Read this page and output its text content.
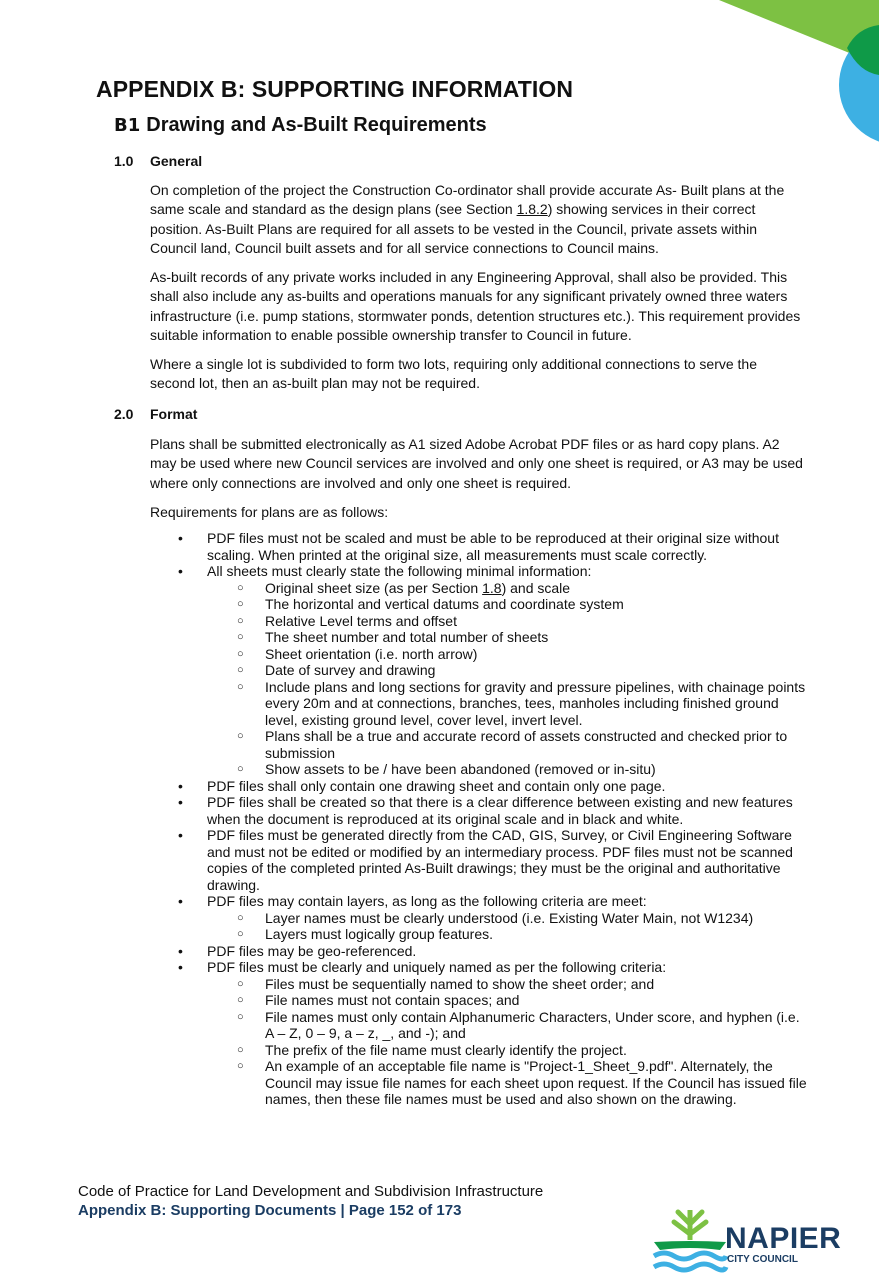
APPENDIX B: SUPPORTING INFORMATION
B1 Drawing and As-Built Requirements
1.0 General

On completion of the project the Construction Co-ordinator shall provide accurate As- Built plans at the same scale and standard as the design plans (see Section 1.8.2) showing services in their correct position. As-Built Plans are required for all assets to be vested in the Council, private assets within Council land, Council built assets and for all service connections to Council mains.

As-built records of any private works included in any Engineering Approval, shall also be provided. This shall also include any as-builts and operations manuals for any significant privately owned three waters infrastructure (i.e. pump stations, stormwater ponds, detention structures etc.). This requirement provides suitable information to enable possible ownership transfer to Council in future.

Where a single lot is subdivided to form two lots, requiring only additional connections to serve the second lot, then an as-built plan may not be required.

2.0 Format

Plans shall be submitted electronically as A1 sized Adobe Acrobat PDF files or as hard copy plans. A2 may be used where new Council services are involved and only one sheet is required, or A3 may be used where only connections are involved and only one sheet is required.

Requirements for plans are as follows:

• PDF files must not be scaled and must be able to be reproduced at their original size without scaling. When printed at the original size, all measurements must scale correctly.
• All sheets must clearly state the following minimal information:
○ Original sheet size (as per Section 1.8) and scale
○ The horizontal and vertical datums and coordinate system
○ Relative Level terms and offset
○ The sheet number and total number of sheets
○ Sheet orientation (i.e. north arrow)
○ Date of survey and drawing
○ Include plans and long sections for gravity and pressure pipelines, with chainage points every 20m and at connections, branches, tees, manholes including finished ground level, existing ground level, cover level, invert level.
○ Plans shall be a true and accurate record of assets constructed and checked prior to submission
○ Show assets to be / have been abandoned (removed or in-situ)
• PDF files shall only contain one drawing sheet and contain only one page.
• PDF files shall be created so that there is a clear difference between existing and new features when the document is reproduced at its original scale and in black and white.
• PDF files must be generated directly from the CAD, GIS, Survey, or Civil Engineering Software and must not be edited or modified by an intermediary process. PDF files must not be scanned copies of the completed printed As-Built drawings; they must be the original and authoritative drawing.
• PDF files may contain layers, as long as the following criteria are meet:
○ Layer names must be clearly understood (i.e. Existing Water Main, not W1234)
○ Layers must logically group features.
• PDF files may be geo-referenced.
• PDF files must be clearly and uniquely named as per the following criteria:
○ Files must be sequentially named to show the sheet order; and
○ File names must not contain spaces; and
○ File names must only contain Alphanumeric Characters, Under score, and hyphen (i.e. A – Z, 0 – 9, a – z, _, and -); and
○ The prefix of the file name must clearly identify the project.
○ An example of an acceptable file name is "Project-1_Sheet_9.pdf". Alternately, the Council may issue file names for each sheet upon request. If the Council has issued file names, then these file names must be used and also shown on the drawing.

Code of Practice for Land Development and Subdivision Infrastructure

Appendix B: Supporting Documents | Page 152 of 173

NAPIER

CITY COUNCIL
